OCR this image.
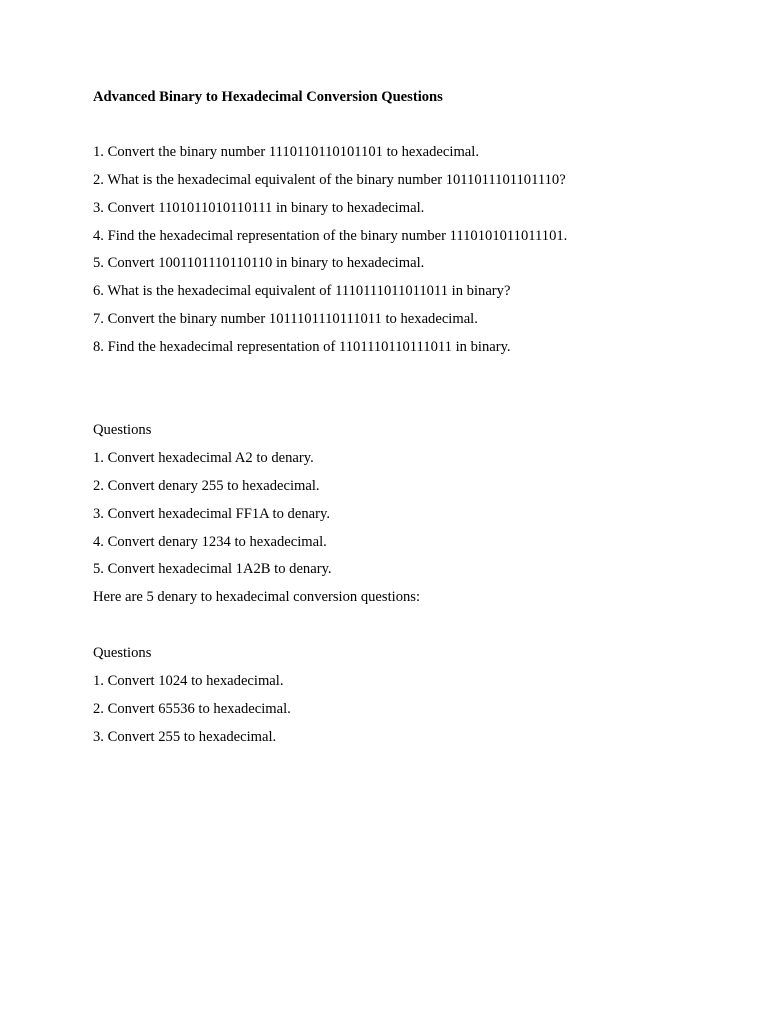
Advanced Binary to Hexadecimal Conversion Questions
1. Convert the binary number 1110110110101101 to hexadecimal.
2. What is the hexadecimal equivalent of the binary number 1011011101101110?
3. Convert 1101011010110111 in binary to hexadecimal.
4. Find the hexadecimal representation of the binary number 1110101011011101.
5. Convert 1001101110110110 in binary to hexadecimal.
6. What is the hexadecimal equivalent of 1110111011011011 in binary?
7. Convert the binary number 1011101110111011 to hexadecimal.
8. Find the hexadecimal representation of 1101110110111011 in binary.
Questions
1. Convert hexadecimal A2 to denary.
2. Convert denary 255 to hexadecimal.
3. Convert hexadecimal FF1A to denary.
4. Convert denary 1234 to hexadecimal.
5. Convert hexadecimal 1A2B to denary.
Here are 5 denary to hexadecimal conversion questions:
Questions
1. Convert 1024 to hexadecimal.
2. Convert 65536 to hexadecimal.
3. Convert 255 to hexadecimal.
